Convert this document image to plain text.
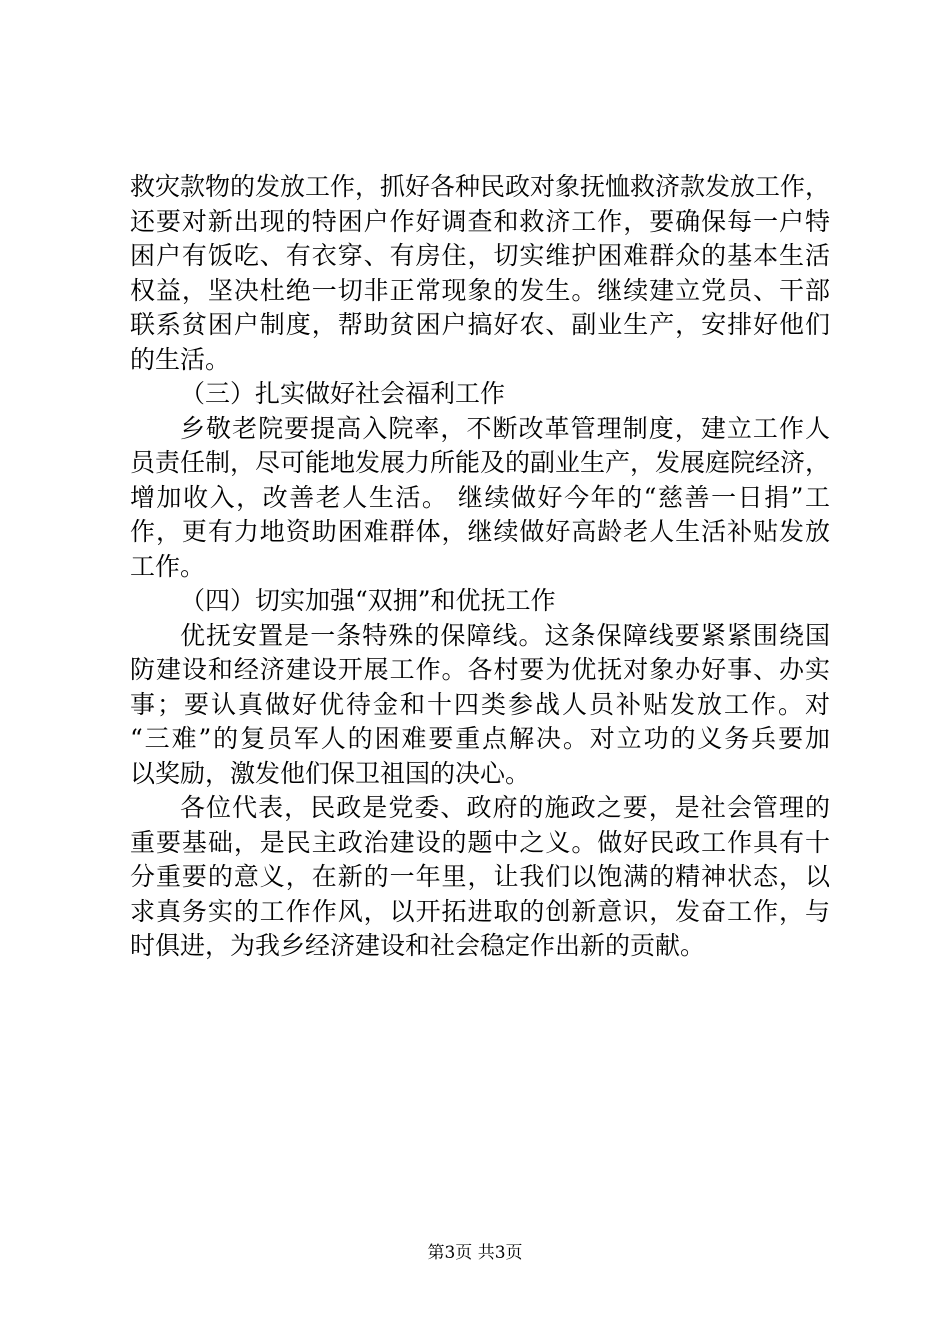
救灾款物的发放工作，抓好各种民政对象抚恤救济款发放工作，
还要对新出现的特困户作好调查和救济工作，要确保每一户特
困户有饭吃、有衣穿、有房住，切实维护困难群众的基本生活
权益，坚决杜绝一切非正常现象的发生。继续建立党员、干部
联系贫困户制度，帮助贫困户搞好农、副业生产，安排好他们
的生活。
（三）扎实做好社会福利工作
乡敬老院要提高入院率，不断改革管理制度，建立工作人
员责任制，尽可能地发展力所能及的副业生产，发展庭院经济，
增加收入，改善老人生活。 继续做好今年的“慈善一日捐”工
作，更有力地资助困难群体，继续做好高龄老人生活补贴发放
工作。
（四）切实加强“双拥”和优抚工作
优抚安置是一条特殊的保障线。这条保障线要紧紧围绕国
防建设和经济建设开展工作。各村要为优抚对象办好事、办实
事；要认真做好优待金和十四类参战人员补贴发放工作。对
“三难”的复员军人的困难要重点解决。对立功的义务兵要加
以奖励，激发他们保卫祖国的决心。
各位代表，民政是党委、政府的施政之要，是社会管理的
重要基础，是民主政治建设的题中之义。做好民政工作具有十
分重要的意义，在新的一年里，让我们以饱满的精神状态，以
求真务实的工作作风，以开拓进取的创新意识，发奋工作，与
时俱进，为我乡经济建设和社会稳定作出新的贡献。
第3页 共3页
